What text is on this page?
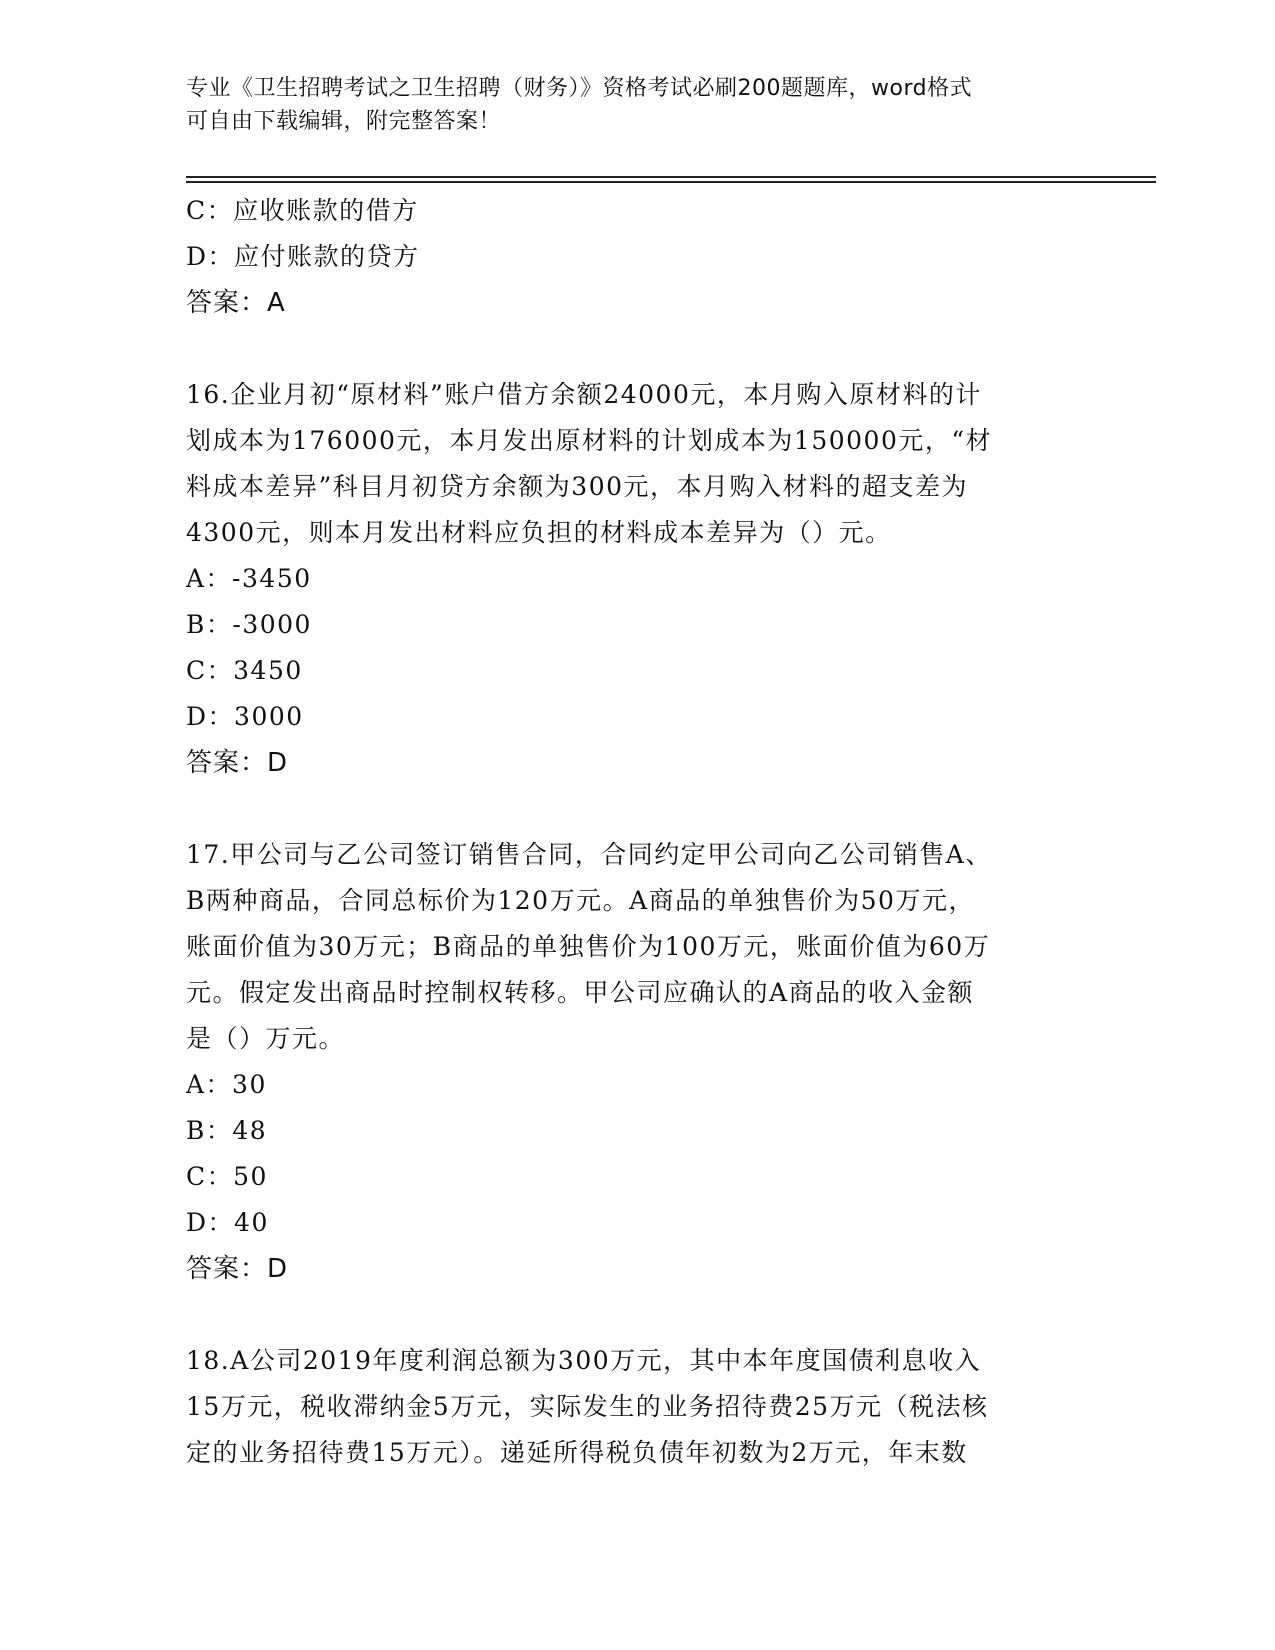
专业《卫生招聘考试之卫生招聘（财务）》资格考试必刷200题题库，word格式
可自由下载编辑，附完整答案！
C：应收账款的借方
D：应付账款的贷方
答案：A
16.企业月初“原材料”账户借方余额24000元，本月购入原材料的计
划成本为176000元，本月发出原材料的计划成本为150000元，“材
料成本差异”科目月初贷方余额为300元，本月购入材料的超支差为
4300元，则本月发出材料应负担的材料成本差异为（）元。
A：-3450
B：-3000
C：3450
D：3000
答案：D
17.甲公司与乙公司签订销售合同，合同约定甲公司向乙公司销售A、
B两种商品，合同总标价为120万元。A商品的单独售价为50万元，
账面价值为30万元；B商品的单独售价为100万元，账面价值为60万
元。假定发出商品时控制权转移。甲公司应确认的A商品的收入金额
是（）万元。
A：30
B：48
C：50
D：40
答案：D
18.A公司2019年度利润总额为300万元，其中本年度国债利息收入
15万元，税收滞纳金5万元，实际发生的业务招待费25万元（税法核
定的业务招待费15万元）。递延所得税负债年初数为2万元，年末数
